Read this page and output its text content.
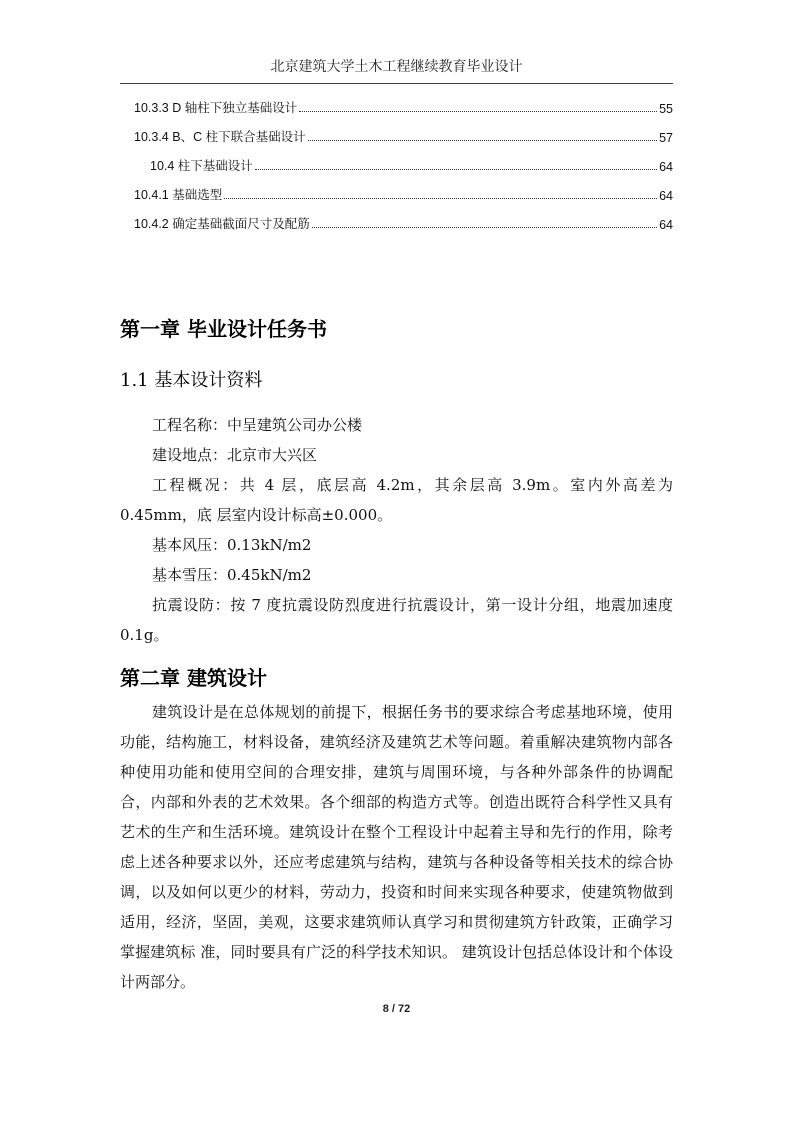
北京建筑大学土木工程继续教育毕业设计
10.3.3 D 轴柱下独立基础设计	55
10.3.4 B、C 柱下联合基础设计	57
10.4 柱下基础设计	64
10.4.1 基础选型	64
10.4.2 确定基础截面尺寸及配筋	64
第一章 毕业设计任务书
1.1 基本设计资料

工程名称：中呈建筑公司办公楼

建设地点：北京市大兴区

工程概况：共 4 层，底层高 4.2m，其余层高 3.9m。室内外高差为 0.45mm，底 层室内设计标高±0.000。

基本风压：0.13kN/m2

基本雪压：0.45kN/m2

抗震设防：按 7 度抗震设防烈度进行抗震设计，第一设计分组，地震加速度 0.1g。

第二章 建筑设计

建筑设计是在总体规划的前提下，根据任务书的要求综合考虑基地环境，使用功能，结构施工，材料设备，建筑经济及建筑艺术等问题。着重解决建筑物内部各种使用功能和使用空间的合理安排，建筑与周围环境，与各种外部条件的协调配合，内部和外表的艺术效果。各个细部的构造方式等。创造出既符合科学性又具有艺术的生产和生活环境。建筑设计在整个工程设计中起着主导和先行的作用，除考虑上述各种要求以外，还应考虑建筑与结构，建筑与各种设备等相关技术的综合协调，以及如何以更少的材料，劳动力，投资和时间来实现各种要求，使建筑物做到适用，经济，坚固，美观，这要求建筑师认真学习和贯彻建筑方针政策，正确学习掌握建筑标 准，同时要具有广泛的科学技术知识。 建筑设计包括总体设计和个体设计两部分。

8 / 72
